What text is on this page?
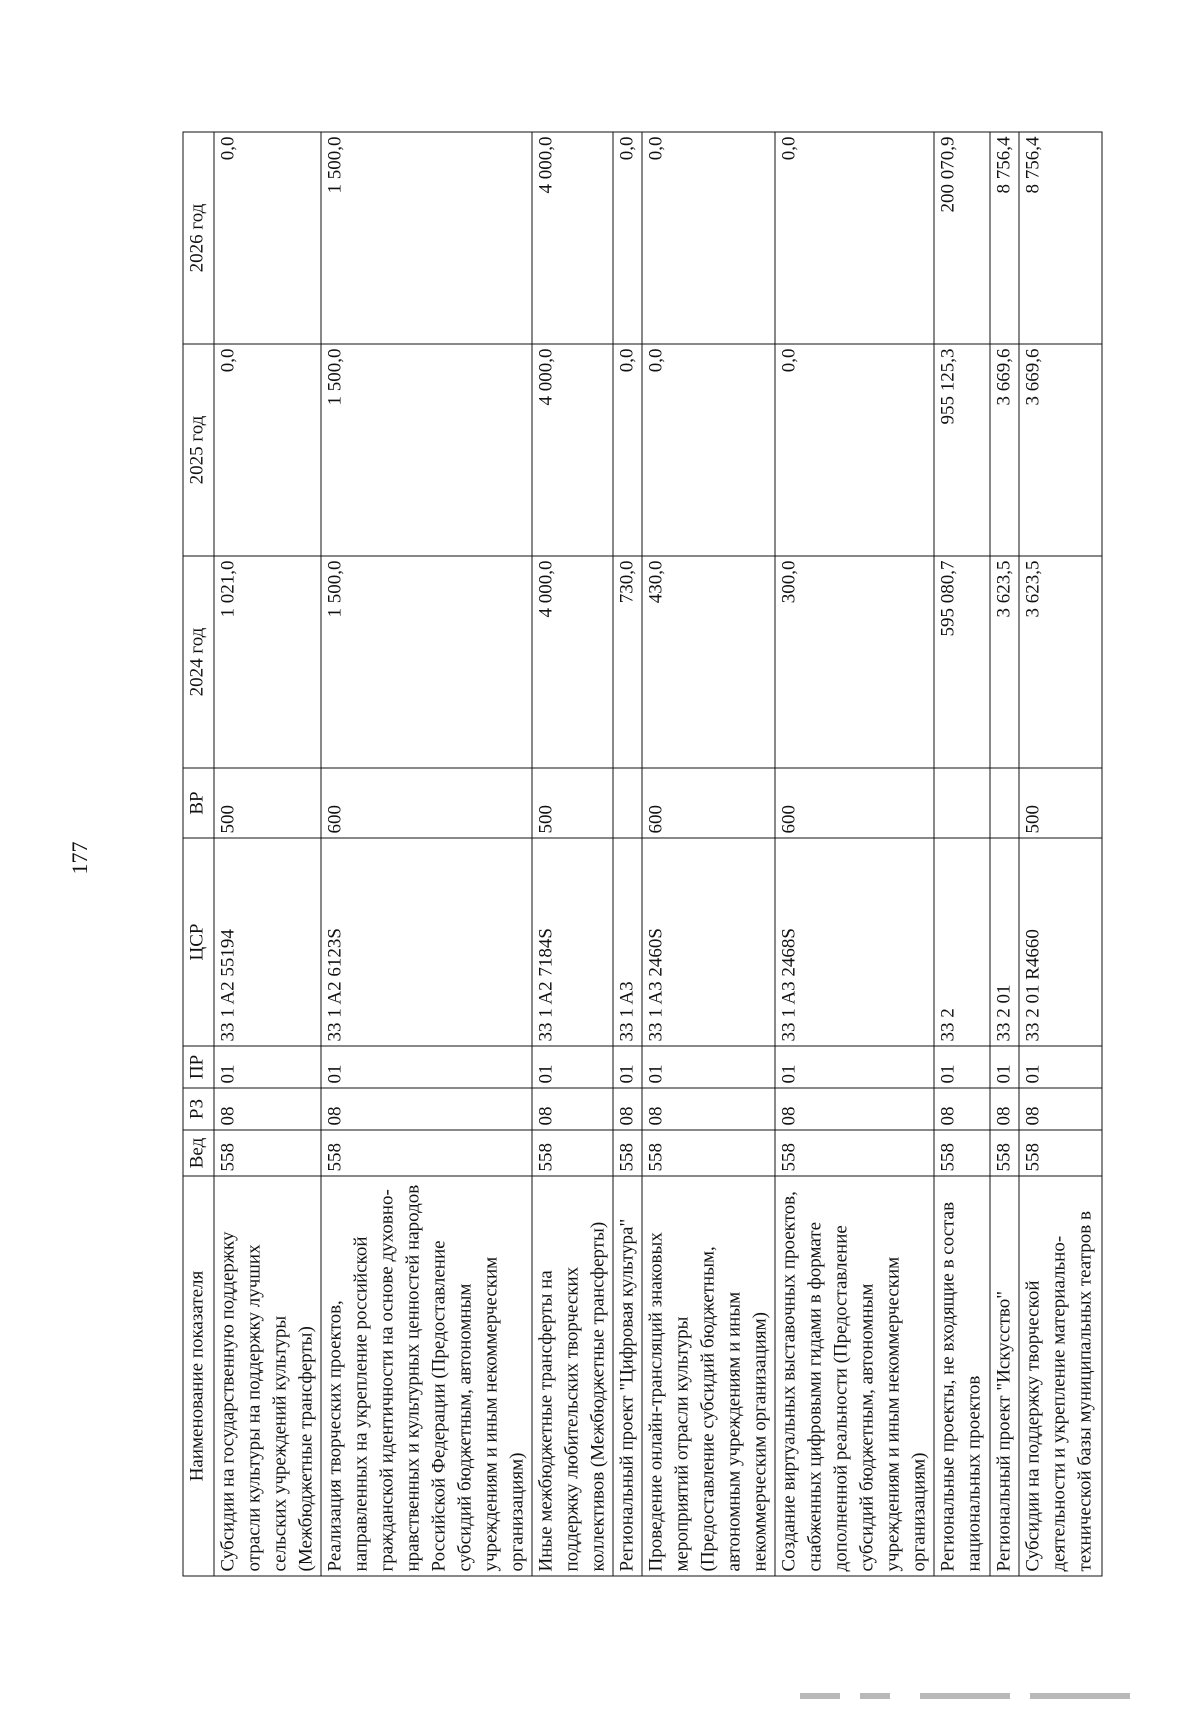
177
Наименование показателя	Вед	РЗ	ПР	ЦСР	ВР	2024 год	2025 год	2026 год
Субсидии на государственную поддержку отрасли культуры на поддержку лучших сельских учреждений культуры (Межбюджетные трансферты)	558	08	01	33 1 A2 55194	500	1 021,0	0,0	0,0
Реализация творческих проектов, направленных на укрепление российской гражданской идентичности на основе духовно-нравственных и культурных ценностей народов Российской Федерации (Предоставление субсидий бюджетным, автономным учреждениям и иным некоммерческим организациям)	558	08	01	33 1 A2 6123S	600	1 500,0	1 500,0	1 500,0
Иные межбюджетные трансферты на поддержку любительских творческих коллективов (Межбюджетные трансферты)	558	08	01	33 1 A2 7184S	500	4 000,0	4 000,0	4 000,0
Региональный проект "Цифровая культура"	558	08	01	33 1 A3		730,0	0,0	0,0
Проведение онлайн-трансляций знаковых мероприятий отрасли культуры (Предоставление субсидий бюджетным, автономным учреждениям и иным некоммерческим организациям)	558	08	01	33 1 A3 2460S	600	430,0	0,0	0,0
Создание виртуальных выставочных проектов, снабженных цифровыми гидами в формате дополненной реальности (Предоставление субсидий бюджетным, автономным учреждениям и иным некоммерческим организациям)	558	08	01	33 1 A3 2468S	600	300,0	0,0	0,0
Региональные проекты, не входящие в состав национальных проектов	558	08	01	33 2		595 080,7	955 125,3	200 070,9
Региональный проект "Искусство"	558	08	01	33 2 01		3 623,5	3 669,6	8 756,4
Субсидии на поддержку творческой деятельности и укрепление материально-технической базы муниципальных театров в	558	08	01	33 2 01 R4660	500	3 623,5	3 669,6	8 756,4
